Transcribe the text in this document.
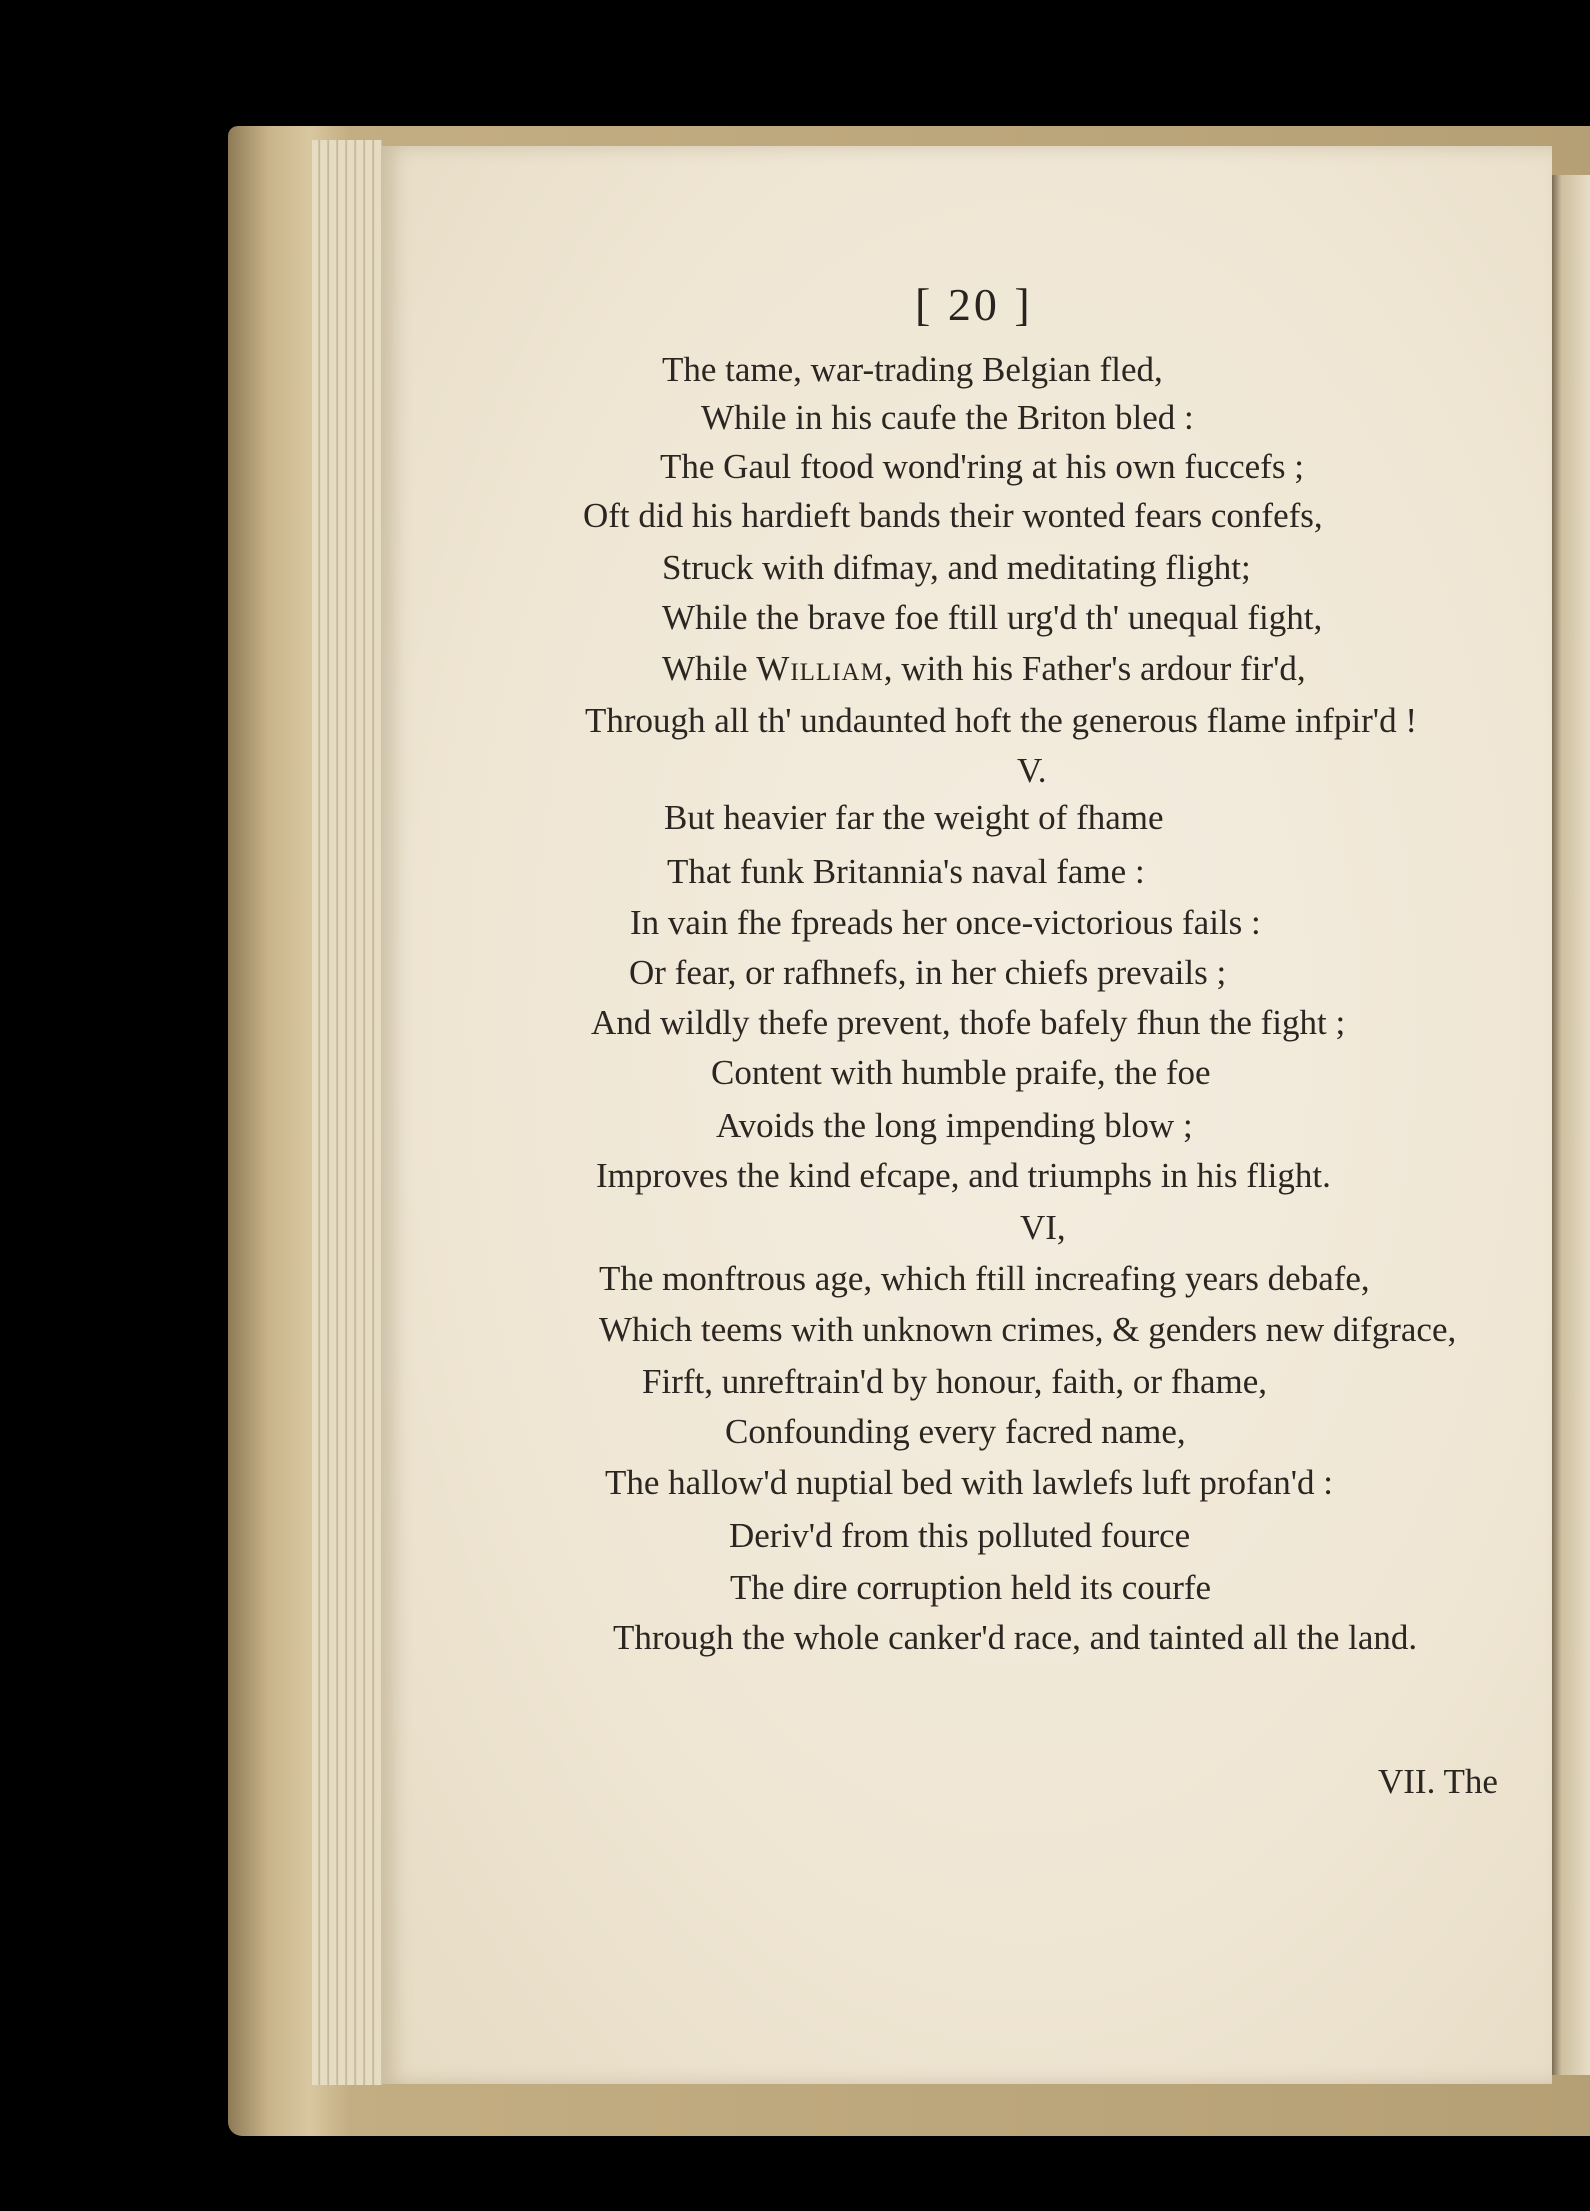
[ 20 ]
The tame, war-trading Belgian fled,
While in his caufe the Briton bled :
The Gaul ftood wond'ring at his own fuccefs ;
Oft did his hardieft bands their wonted fears confefs,
Struck with difmay, and meditating flight;
While the brave foe ftill urg'd th' unequal fight,
While William, with his Father's ardour fir'd,
Through all th' undaunted hoft the generous flame infpir'd !
V.
But heavier far the weight of fhame
That funk Britannia's naval fame :
In vain fhe fpreads her once-victorious fails :
Or fear, or rafhnefs, in her chiefs prevails ;
And wildly thefe prevent, thofe bafely fhun the fight ;
Content with humble praife, the foe
Avoids the long impending blow ;
Improves the kind efcape, and triumphs in his flight.
VI,
The monftrous age, which ftill increafing years debafe,
Which teems with unknown crimes, & genders new difgrace,
Firft, unreftrain'd by honour, faith, or fhame,
Confounding every facred name,
The hallow'd nuptial bed with lawlefs luft profan'd :
Deriv'd from this polluted fource
The dire corruption held its courfe
Through the whole canker'd race, and tainted all the land.
VII. The
